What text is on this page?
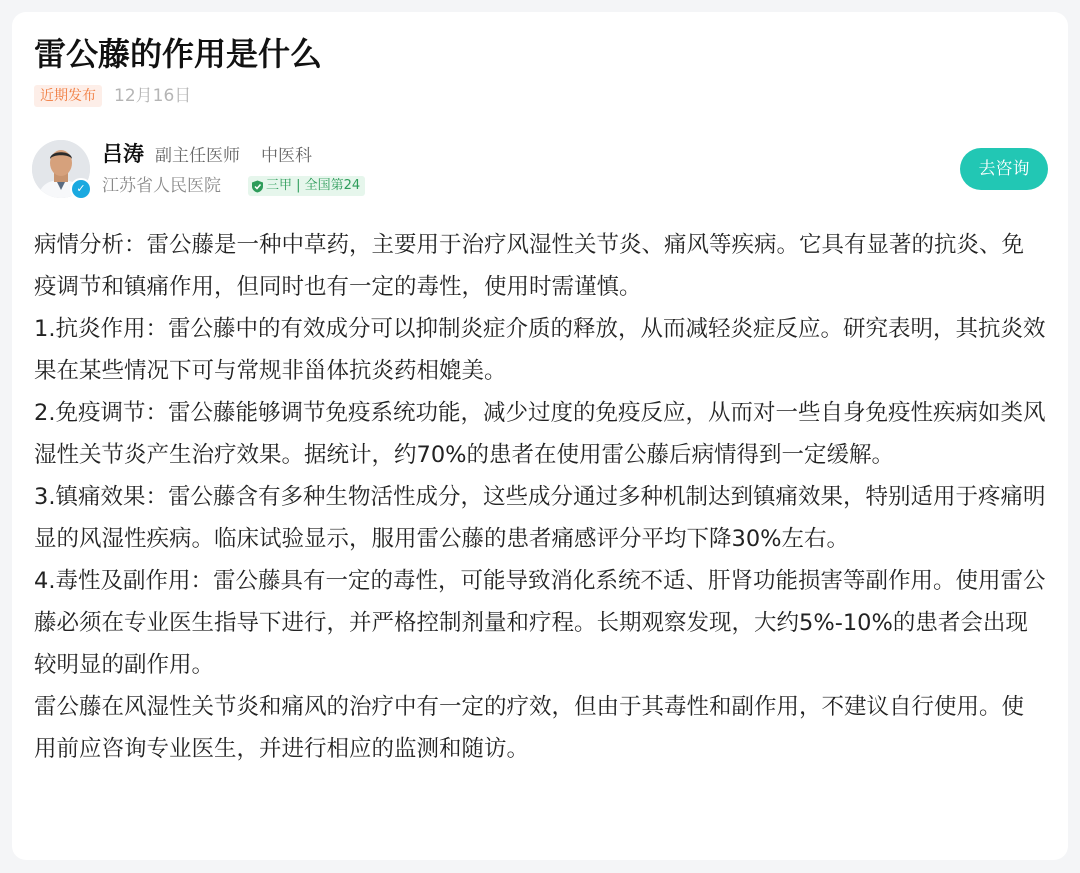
雷公藤的作用是什么
近期发布	12月16日
✓
吕涛 副主任医师 中医科
江苏省人民医院	三甲 | 全国第24
去咨询

病情分析：雷公藤是一种中草药，主要用于治疗风湿性关节炎、痛风等疾病。它具有显著的抗炎、免疫调节和镇痛作用，但同时也有一定的毒性，使用时需谨慎。

1.抗炎作用：雷公藤中的有效成分可以抑制炎症介质的释放，从而减轻炎症反应。研究表明，其抗炎效果在某些情况下可与常规非甾体抗炎药相媲美。

2.免疫调节：雷公藤能够调节免疫系统功能，减少过度的免疫反应，从而对一些自身免疫性疾病如类风湿性关节炎产生治疗效果。据统计，约70%的患者在使用雷公藤后病情得到一定缓解。

3.镇痛效果：雷公藤含有多种生物活性成分，这些成分通过多种机制达到镇痛效果，特别适用于疼痛明显的风湿性疾病。临床试验显示，服用雷公藤的患者痛感评分平均下降30%左右。

4.毒性及副作用：雷公藤具有一定的毒性，可能导致消化系统不适、肝肾功能损害等副作用。使用雷公藤必须在专业医生指导下进行，并严格控制剂量和疗程。长期观察发现，大约5%-10%的患者会出现较明显的副作用。

雷公藤在风湿性关节炎和痛风的治疗中有一定的疗效，但由于其毒性和副作用，不建议自行使用。使用前应咨询专业医生，并进行相应的监测和随访。
